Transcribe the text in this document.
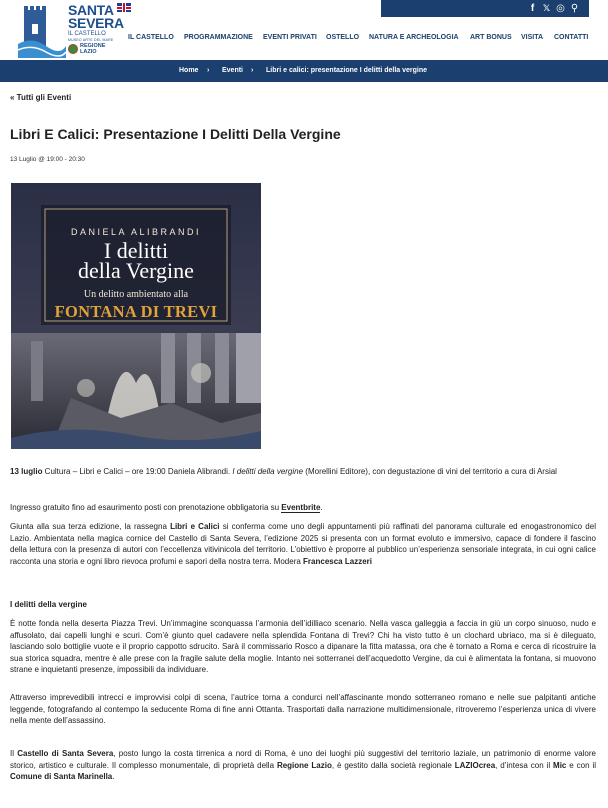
SANTA
SEVERA
IL CASTELLO
MUSEO ARTE DEL MARE
REGIONE
LAZIO
f 𝕏 ◎ ⚲
IL CASTELLO PROGRAMMAZIONE EVENTI PRIVATI OSTELLO NATURA E ARCHEOLOGIA ART BONUS VISITA CONTATTI
Home › Eventi › Libri e calici: presentazione I delitti della vergine
« Tutti gli Eventi
Libri E Calici: Presentazione I Delitti Della Vergine
13 Luglio @ 19:00 - 20:30
DANIELA ALIBRANDI
I delitti
della Vergine
Un delitto ambientato alla
FONTANA DI TREVI

13 luglio Cultura – Libri e Calici – ore 19:00 Daniela Alibrandi. I delitti della vergine (Morellini Editore), con degustazione di vini del territorio a cura di Arsial

Ingresso gratuito fino ad esaurimento posti con prenotazione obbligatoria su Eventbrite.

Giunta alla sua terza edizione, la rassegna Libri e Calici si conferma come uno degli appuntamenti più raffinati del panorama culturale ed enogastronomico del Lazio. Ambientata nella magica cornice del Castello di Santa Severa, l’edizione 2025 si presenta con un format evoluto e immersivo, capace di fondere il fascino della lettura con la presenza di autori con l’eccellenza vitivinicola del territorio. L’obiettivo è proporre al pubblico un’esperienza sensoriale integrata, in cui ogni calice racconta una storia e ogni libro rievoca profumi e sapori della nostra terra. Modera Francesca Lazzeri

I delitti della vergine

È notte fonda nella deserta Piazza Trevi. Un’immagine sconquassa l’armonia dell’idilliaco scenario. Nella vasca galleggia a faccia in giù un corpo sinuoso, nudo e affusolato, dai capelli lunghi e scuri. Com’è giunto quel cadavere nella splendida Fontana di Trevi? Chi ha visto tutto è un clochard ubriaco, ma si è dileguato, lasciando solo bottiglie vuote e il proprio cappotto sdrucito. Sarà il commissario Rosco a dipanare la fitta matassa, ora che è tornato a Roma e cerca di ricostruire la sua storica squadra, mentre è alle prese con la fragile salute della moglie. Intanto nei sotterranei dell’acquedotto Vergine, da cui è alimentata la fontana, si muovono strane e inquietanti presenze, impossibili da individuare.

Attraverso imprevedibili intrecci e improvvisi colpi di scena, l’autrice torna a condurci nell’affascinante mondo sotterraneo romano e nelle sue palpitanti antiche leggende, fotografando al contempo la seducente Roma di fine anni Ottanta. Trasportati dalla narrazione multidimensionale, ritroveremo l’esperienza unica di vivere nella mente dell’assassino.

Il Castello di Santa Severa, posto lungo la costa tirrenica a nord di Roma, è uno dei luoghi più suggestivi del territorio laziale, un patrimonio di enorme valore storico, artistico e culturale. Il complesso monumentale, di proprietà della Regione Lazio, è gestito dalla società regionale LAZIOcrea, d’intesa con il Mic e con il Comune di Santa Marinella.
